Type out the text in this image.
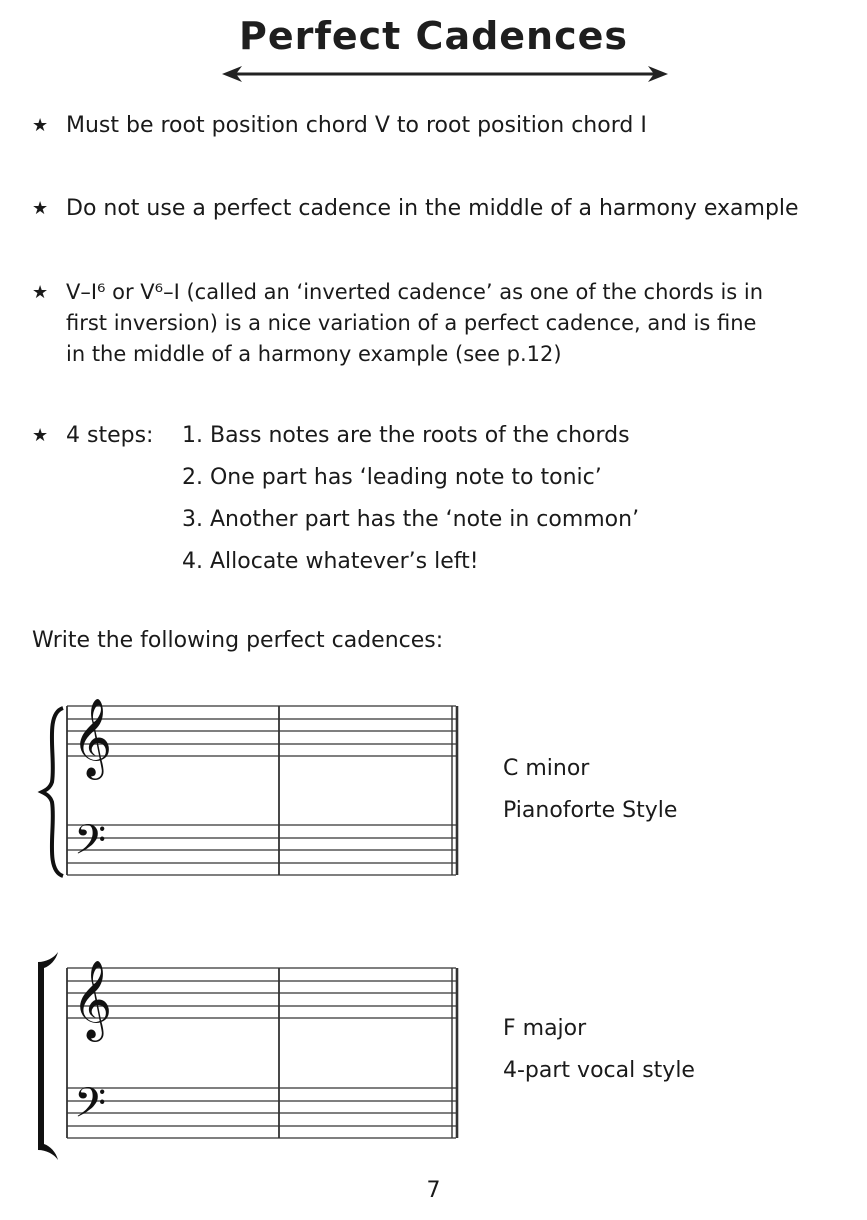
Perfect Cadences
★ Must be root position chord V to root position chord I
★ Do not use a perfect cadence in the middle of a harmony example
★ V–I⁶ or V⁶–I (called an ‘inverted cadence’ as one of the chords is in
first inversion) is a nice variation of a perfect cadence, and is fine
in the middle of a harmony example (see p.12)
★ 4 steps: 1. Bass notes are the roots of the chords
2. One part has ‘leading note to tonic’
3. Another part has the ‘note in common’
4. Allocate whatever’s left!
Write the following perfect cadences:
𝄞
𝄢
C minor
Pianoforte Style
𝄞
𝄢
F major
4-part vocal style
7
